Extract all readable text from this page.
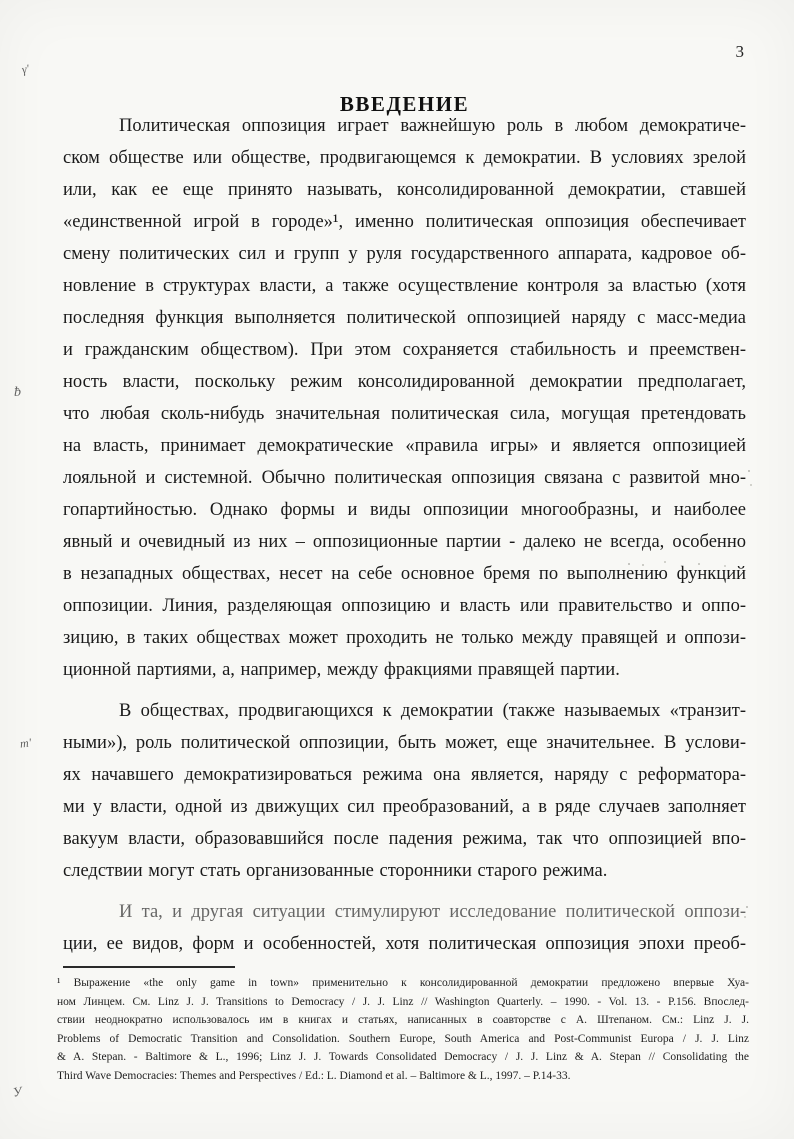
γ'
ƀ
т'
У
3
ВВЕДЕНИЕ
Политическая оппозиция играет важнейшую роль в любом демократиче-
ском обществе или обществе, продвигающемся к демократии. В условиях зрелой
или, как ее еще принято называть, консолидированной демократии, ставшей
«единственной игрой в городе»¹, именно политическая оппозиция обеспечивает
смену политических сил и групп у руля государственного аппарата, кадровое об-
новление в структурах власти, а также осуществление контроля за властью (хотя
последняя функция выполняется политической оппозицией наряду с масс-медиа
и гражданским обществом). При этом сохраняется стабильность и преемствен-
ность власти, поскольку режим консолидированной демократии предполагает,
что любая сколь-нибудь значительная политическая сила, могущая претендовать
на власть, принимает демократические «правила игры» и является оппозицией
лояльной и системной. Обычно политическая оппозиция связана с развитой мно-
гопартийностью. Однако формы и виды оппозиции многообразны, и наиболее
явный и очевидный из них – оппозиционные партии - далеко не всегда, особенно
в незападных обществах, несет на себе основное бремя по выполнению функций
оппозиции. Линия, разделяющая оппозицию и власть или правительство и оппо-
зицию, в таких обществах может проходить не только между правящей и оппози-
ционной партиями, а, например, между фракциями правящей партии.
В обществах, продвигающихся к демократии (также называемых «транзит-
ными»), роль политической оппозиции, быть может, еще значительнее. В услови-
ях начавшего демократизироваться режима она является, наряду с реформатора-
ми у власти, одной из движущих сил преобразований, а в ряде случаев заполняет
вакуум власти, образовавшийся после падения режима, так что оппозицией впо-
следствии могут стать организованные сторонники старого режима.
И та, и другая ситуации стимулируют исследование политической оппози-
ции, ее видов, форм и особенностей, хотя политическая оппозиция эпохи преоб-
¹ Выражение «the only game in town» применительно к консолидированной демократии предложено впервые Хуа-
ном Линцем. См. Linz J. J. Transitions to Democracy / J. J. Linz // Washington Quarterly. – 1990. - Vol. 13. - P.156. Впослед-
ствии неоднократно использовалось им в книгах и статьях, написанных в соавторстве с А. Штепаном. См.: Linz J. J.
Problems of Democratic Transition and Consolidation. Southern Europe, South America and Post-Communist Europa / J. J. Linz
& A. Stepan. - Baltimore & L., 1996; Linz J. J. Towards Consolidated Democracy / J. J. Linz & A. Stepan // Consolidating the
Third Wave Democracies: Themes and Perspectives / Ed.: L. Diamond et al. – Baltimore & L., 1997. – P.14-33.
